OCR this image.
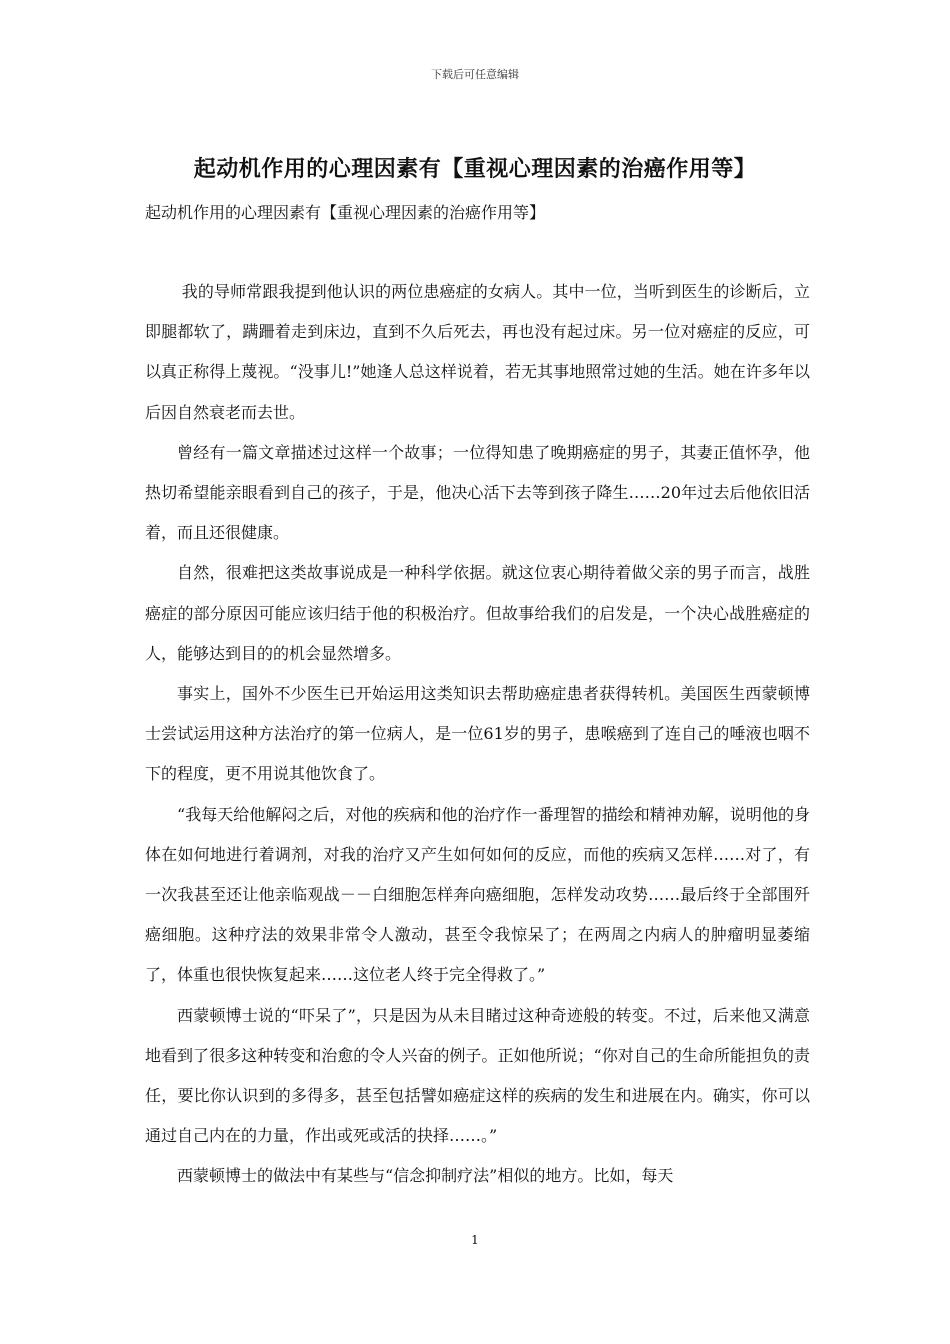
下载后可任意编辑
起动机作用的心理因素有【重视心理因素的治癌作用等】
起动机作用的心理因素有【重视心理因素的治癌作用等】

我的导师常跟我提到他认识的两位患癌症的女病人。其中一位，当听到医生的诊断后，立即腿都软了，蹒跚着走到床边，直到不久后死去，再也没有起过床。另一位对癌症的反应，可以真正称得上蔑视。“没事儿!”她逢人总这样说着，若无其事地照常过她的生活。她在许多年以后因自然衰老而去世。

曾经有一篇文章描述过这样一个故事；一位得知患了晚期癌症的男子，其妻正值怀孕，他热切希望能亲眼看到自己的孩子，于是，他决心活下去等到孩子降生……20年过去后他依旧活着，而且还很健康。

自然，很难把这类故事说成是一种科学依据。就这位衷心期待着做父亲的男子而言，战胜癌症的部分原因可能应该归结于他的积极治疗。但故事给我们的启发是，一个决心战胜癌症的人，能够达到目的的机会显然增多。

事实上，国外不少医生已开始运用这类知识去帮助癌症患者获得转机。美国医生西蒙顿博士尝试运用这种方法治疗的第一位病人，是一位61岁的男子，患喉癌到了连自己的唾液也咽不下的程度，更不用说其他饮食了。

“我每天给他解闷之后，对他的疾病和他的治疗作一番理智的描绘和精神劝解，说明他的身体在如何地进行着调剂，对我的治疗又产生如何如何的反应，而他的疾病又怎样……对了，有一次我甚至还让他亲临观战－－白细胞怎样奔向癌细胞，怎样发动攻势……最后终于全部围歼癌细胞。这种疗法的效果非常令人激动，甚至令我惊呆了；在两周之内病人的肿瘤明显萎缩了，体重也很快恢复起来……这位老人终于完全得救了。”

西蒙顿博士说的“吓呆了”，只是因为从未目睹过这种奇迹般的转变。不过，后来他又满意地看到了很多这种转变和治愈的令人兴奋的例子。正如他所说；“你对自己的生命所能担负的责任，要比你认识到的多得多，甚至包括譬如癌症这样的疾病的发生和进展在内。确实，你可以通过自己内在的力量，作出或死或活的抉择……。”

西蒙顿博士的做法中有某些与“信念抑制疗法”相似的地方。比如，每天

1
